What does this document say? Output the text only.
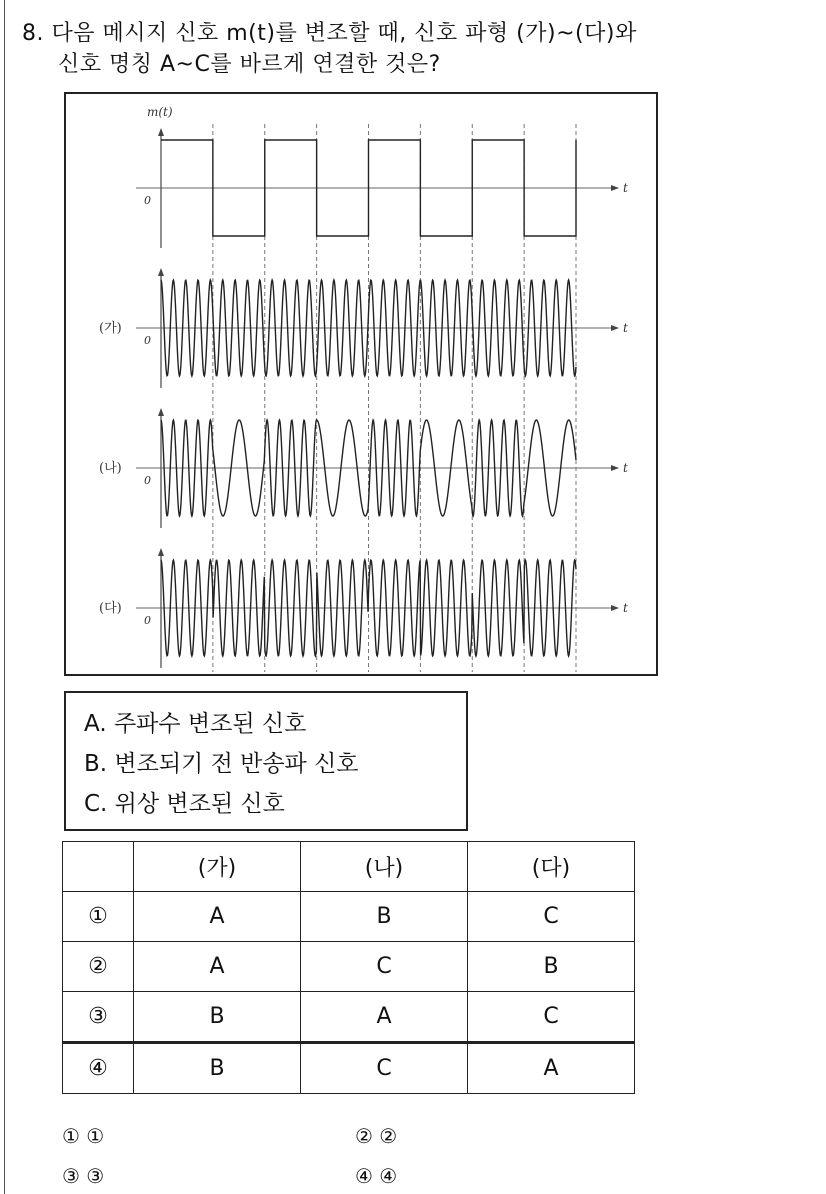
8. 다음 메시지 신호 m(t)를 변조할 때, 신호 파형 (가)~(다)와
신호 명칭 A~C를 바르게 연결한 것은?
t
0
m(t)
t
0
(가)
t
0
(나)
t
0
(다)
A. 주파수 변조된 신호
B. 변조되기 전 반송파 신호
C. 위상 변조된 신호
	(가)	(나)	(다)
①	A	B	C
②	A	C	B
③	B	A	C
④	B	C	A
① ①	② ②
③ ③	④ ④
